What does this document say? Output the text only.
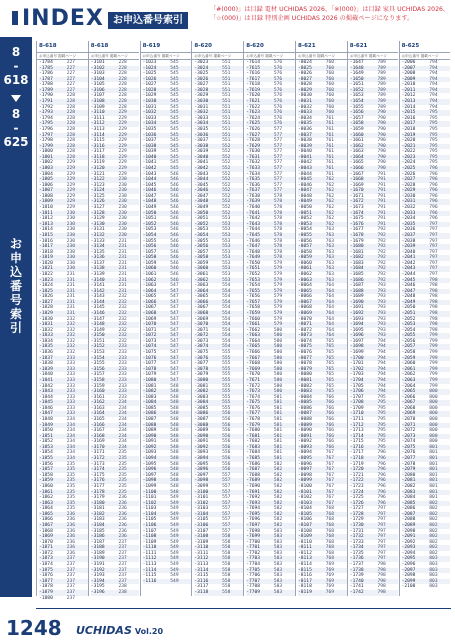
INDEX お申込番号索引
「#(000)」は目録 電材 UCHIDAS 2026、「※(000)」は目録 家具 UCHIDAS 2026、
「☆(000)」は目録 特別企画 UCHIDAS 2026 の掲載ページになります。
8
-
618
8
-
625
お
申
込
番
号
索
引
8-618
お申込番号 掲載ページ
-1784	227
-1785	227
-1786	227
-1787	227
-1788	227
-1789	227
-1790	228
-1791	228
-1792	228
-1793	228
-1794	228
-1795	228
-1796	228
-1797	228
-1798	228
-1799	228
-1800	228
-1801	228
-1802	229
-1803	229
-1804	229
-1805	229
-1806	229
-1807	229
-1808	229
-1809	229
-1810	229
-1811	230
-1812	230
-1813	230
-1814	230
-1815	230
-1816	230
-1817	230
-1818	230
-1819	230
-1820	230
-1821	230
-1822	231
-1823	231
-1824	231
-1825	231
-1826	231
-1827	231
-1828	231
-1829	231
-1830	232
-1831	232
-1832	232
-1833	232
-1834	232
-1835	232
-1836	232
-1837	233
-1838	233
-1839	233
-1840	233
-1841	233
-1842	233
-1843	233
-1844	233
-1845	233
-1846	233
-1847	233
-1848	234
-1849	234
-1850	234
-1851	234
-1852	234
-1853	234
-1854	234
-1855	234
-1856	235
-1857	235
-1858	235
-1859	235
-1860	235
-1861	235
-1862	235
-1863	235
-1864	235
-1865	236
-1866	236
-1867	236
-1868	236
-1869	236
-1870	236
-1871	236
-1872	236
-1873	237
-1874	237
-1875	237
-1876	237
-1877	237
-1878	237
-1879	237
-1880	237
8-618
お申込番号 掲載ページ
-3101	228
-3102	228
-3103	228
-3104	228
-3105	228
-3106	228
-3107	228
-3108	228
-3109	228
-3110	229
-3111	229
-3112	229
-3113	229
-3114	229
-3115	229
-3116	229
-3117	229
-3118	229
-3119	229
-3120	229
-3121	229
-3122	230
-3123	230
-3124	230
-3125	230
-3126	230
-3127	230
-3128	230
-3129	230
-3130	230
-3131	230
-3132	230
-3133	231
-3134	231
-3135	231
-3136	231
-3137	231
-3138	231
-3139	231
-3140	231
-3141	231
-3142	231
-3143	232
-3144	232
-3145	232
-3146	232
-3147	232
-3148	232
-3149	232
-3150	232
-3151	232
-3152	233
-3153	233
-3154	233
-3155	233
-3156	233
-3157	233
-3158	233
-3159	233
-3160	233
-3161	233
-3162	234
-3163	234
-3164	234
-3165	234
-3166	234
-3167	234
-3168	234
-3169	234
-3170	234
-3171	235
-3172	235
-3173	235
-3174	235
-3175	235
-3176	235
-3177	235
-3178	235
-3179	236
-3180	236
-3181	236
-3182	236
-3183	236
-3184	236
-3185	236
-3186	236
-3187	237
-3188	237
-3189	237
-3190	237
-3191	237
-3192	237
-3193	237
-3194	237
-3195	238
-3196	238
8-619
お申込番号 掲載ページ
-1023	545
-1024	545
-1025	545
-1026	545
-1027	545
-1028	545
-1029	545
-1030	545
-1031	545
-1032	545
-1033	545
-1034	545
-1035	545
-1036	545
-1037	545
-1038	545
-1039	545
-1040	545
-1041	545
-1042	545
-1043	546
-1044	546
-1045	546
-1046	546
-1047	546
-1048	546
-1049	546
-1050	546
-1051	546
-1052	546
-1053	546
-1054	546
-1055	546
-1056	546
-1057	546
-1058	546
-1059	546
-1060	546
-1061	546
-1062	546
-1063	547
-1064	547
-1065	547
-1066	547
-1067	547
-1068	547
-1069	547
-1070	547
-1071	547
-1072	547
-1073	547
-1074	547
-1075	547
-1076	547
-1077	547
-1078	547
-1079	547
-1080	547
-1081	548
-1082	548
-1083	548
-1084	548
-1085	548
-1086	548
-1087	548
-1088	548
-1089	548
-1090	548
-1091	548
-1092	548
-1093	548
-1094	548
-1095	548
-1096	548
-1097	548
-1098	548
-1099	548
-1100	548
-1101	549
-1102	549
-1103	549
-1104	549
-1105	549
-1106	549
-1107	549
-1108	549
-1109	549
-1110	549
-1111	549
-1112	549
-1113	549
-1114	549
-1115	549
-1116	549
8-620
お申込番号 掲載ページ
-3023	551
-3024	551
-3025	551
-3026	551
-3027	551
-3028	551
-3029	551
-3030	551
-3031	551
-3032	551
-3033	551
-3034	551
-3035	551
-3036	551
-3037	551
-3038	552
-3039	552
-3040	552
-3041	552
-3042	552
-3043	552
-3044	552
-3045	552
-3046	552
-3047	552
-3048	552
-3049	552
-3050	552
-3051	553
-3052	553
-3053	553
-3054	553
-3055	553
-3056	553
-3057	553
-3058	553
-3059	553
-3060	553
-3061	553
-3062	553
-3063	554
-3064	554
-3065	554
-3066	554
-3067	554
-3068	554
-3069	554
-3070	554
-3071	554
-3072	554
-3073	554
-3074	554
-3075	555
-3076	555
-3077	555
-3078	555
-3079	555
-3080	555
-3081	555
-3082	555
-3083	555
-3084	555
-3085	555
-3086	556
-3087	556
-3088	556
-3089	556
-3090	556
-3091	556
-3092	556
-3093	556
-3094	556
-3095	556
-3096	556
-3097	557
-3098	557
-3099	557
-3100	557
-3101	557
-3102	557
-3103	557
-3104	557
-3105	557
-3106	557
-3107	557
-3108	558
-3109	558
-3110	558
-3111	558
-3112	558
-3113	558
-3114	558
-3115	558
-3116	558
-3117	558
-3118	558
8-620
お申込番号 掲載ページ
-7614	576
-7615	576
-7616	576
-7617	576
-7618	576
-7619	576
-7620	576
-7621	576
-7622	576
-7623	576
-7624	576
-7625	576
-7626	577
-7627	577
-7628	577
-7629	577
-7630	577
-7631	577
-7632	577
-7633	577
-7634	577
-7635	577
-7636	577
-7637	577
-7638	578
-7639	578
-7640	578
-7641	578
-7642	578
-7643	578
-7644	578
-7645	578
-7646	578
-7647	578
-7648	578
-7649	578
-7650	579
-7651	579
-7652	579
-7653	579
-7654	579
-7655	579
-7656	579
-7657	579
-7658	579
-7659	579
-7660	579
-7661	579
-7662	580
-7663	580
-7664	580
-7665	580
-7666	580
-7667	580
-7668	580
-7669	580
-7670	580
-7671	580
-7672	580
-7673	580
-7674	581
-7675	581
-7676	581
-7677	581
-7678	581
-7679	581
-7680	581
-7681	581
-7682	581
-7683	581
-7684	581
-7685	581
-7686	582
-7687	582
-7688	582
-7689	582
-7690	582
-7691	582
-7692	582
-7693	582
-7694	582
-7695	582
-7696	582
-7697	582
-7698	583
-7699	583
-7700	583
-7701	583
-7702	583
-7703	583
-7704	583
-7705	583
-7706	583
-7707	583
-7708	583
-7709	583
8-621
お申込番号 掲載ページ
-8024	760
-8025	760
-8026	760
-8027	760
-8028	760
-8029	760
-8030	760
-8031	760
-8032	760
-8033	760
-8034	761
-8035	761
-8036	761
-8037	761
-8038	761
-8039	761
-8040	761
-8041	761
-8042	761
-8043	761
-8044	761
-8045	762
-8046	762
-8047	762
-8048	762
-8049	762
-8050	762
-8051	762
-8052	762
-8053	762
-8054	763
-8055	763
-8056	763
-8057	763
-8058	763
-8059	763
-8060	763
-8061	763
-8062	763
-8063	763
-8064	764
-8065	764
-8066	764
-8067	764
-8068	764
-8069	764
-8070	764
-8071	764
-8072	764
-8073	764
-8074	765
-8075	765
-8076	765
-8077	765
-8078	765
-8079	765
-8080	765
-8081	765
-8082	765
-8083	765
-8084	766
-8085	766
-8086	766
-8087	766
-8088	766
-8089	766
-8090	766
-8091	766
-8092	766
-8093	766
-8094	767
-8095	767
-8096	767
-8097	767
-8098	767
-8099	767
-8100	767
-8101	767
-8102	767
-8103	767
-8104	768
-8105	768
-8106	768
-8107	768
-8108	768
-8109	768
-8110	768
-8111	768
-8112	768
-8113	768
-8114	769
-8115	769
-8116	769
-8117	769
-8118	769
-8119	769
8-621
お申込番号 掲載ページ
-1647	789
-1648	789
-1649	789
-1650	789
-1651	789
-1652	789
-1653	789
-1654	789
-1655	789
-1656	790
-1657	790
-1658	790
-1659	790
-1660	790
-1661	790
-1662	790
-1663	790
-1664	790
-1665	790
-1666	790
-1667	791
-1668	791
-1669	791
-1670	791
-1671	791
-1672	791
-1673	791
-1674	791
-1675	791
-1676	791
-1677	792
-1678	792
-1679	792
-1680	792
-1681	792
-1682	792
-1683	792
-1684	792
-1685	792
-1686	792
-1687	793
-1688	793
-1689	793
-1690	793
-1691	793
-1692	793
-1693	793
-1694	793
-1695	793
-1696	793
-1697	794
-1698	794
-1699	794
-1700	794
-1701	794
-1702	794
-1703	794
-1704	794
-1705	794
-1706	794
-1707	795
-1708	795
-1709	795
-1710	795
-1711	795
-1712	795
-1713	795
-1714	795
-1715	795
-1716	795
-1717	796
-1718	796
-1719	796
-1720	796
-1721	796
-1722	796
-1723	796
-1724	796
-1725	796
-1726	796
-1727	797
-1728	797
-1729	797
-1730	797
-1731	797
-1732	797
-1733	797
-1734	797
-1735	797
-1736	797
-1737	798
-1738	798
-1739	798
-1740	798
-1741	798
-1742	798
8-625
お申込番号 掲載ページ
-2006	794
-2007	794
-2008	794
-2009	794
-2010	794
-2011	794
-2012	794
-2013	794
-2014	794
-2015	795
-2016	795
-2017	795
-2018	795
-2019	795
-2020	795
-2021	795
-2022	795
-2023	795
-2024	795
-2025	796
-2026	796
-2027	796
-2028	796
-2029	796
-2030	796
-2031	796
-2032	796
-2033	796
-2034	796
-2035	797
-2036	797
-2037	797
-2038	797
-2039	797
-2040	797
-2041	797
-2042	797
-2043	797
-2044	797
-2045	798
-2046	798
-2047	798
-2048	798
-2049	798
-2050	798
-2051	798
-2052	798
-2053	798
-2054	798
-2055	799
-2056	799
-2057	799
-2058	799
-2059	799
-2060	799
-2061	799
-2062	799
-2063	799
-2064	799
-2065	800
-2066	800
-2067	800
-2068	800
-2069	800
-2070	800
-2071	800
-2072	800
-2073	800
-2074	800
-2075	801
-2076	801
-2077	801
-2078	801
-2079	801
-2080	801
-2081	801
-2082	801
-2083	801
-2084	801
-2085	802
-2086	802
-2087	802
-2088	802
-2089	802
-2090	802
-2091	802
-2092	802
-2093	802
-2094	802
-2095	803
-2096	803
-2097	803
-2098	803
-2099	803
-2100	803
1248 UCHIDAS Vol.20
